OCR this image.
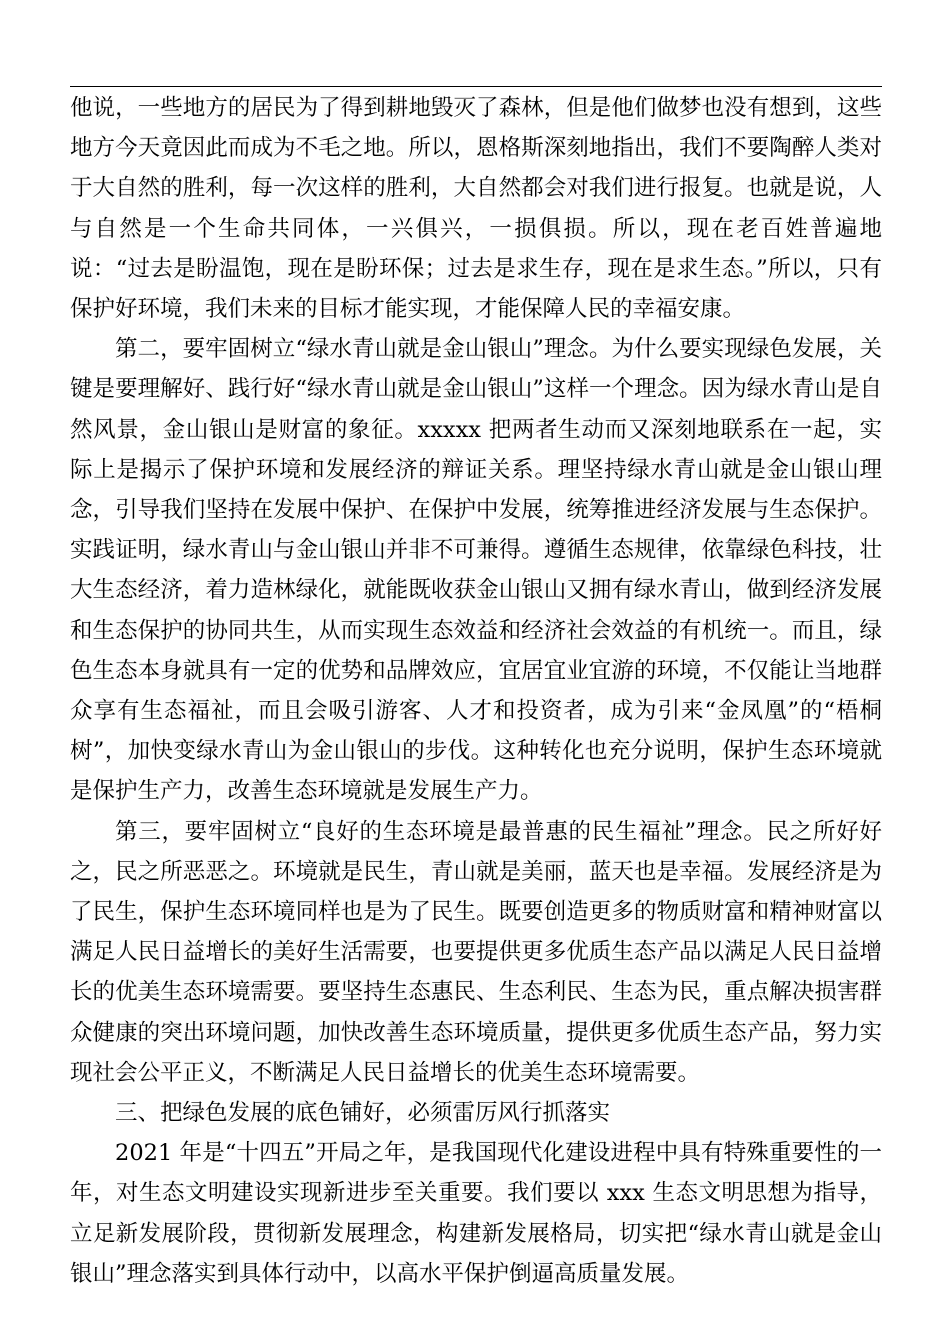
他说，一些地方的居民为了得到耕地毁灭了森林，但是他们做梦也没有想到，这些地方今天竟因此而成为不毛之地。所以，恩格斯深刻地指出，我们不要陶醉人类对于大自然的胜利，每一次这样的胜利，大自然都会对我们进行报复。也就是说，人与自然是一个生命共同体，一兴俱兴，一损俱损。所以，现在老百姓普遍地说：“过去是盼温饱，现在是盼环保；过去是求生存，现在是求生态。”所以，只有保护好环境，我们未来的目标才能实现，才能保障人民的幸福安康。

第二，要牢固树立“绿水青山就是金山银山”理念。为什么要实现绿色发展，关键是要理解好、践行好“绿水青山就是金山银山”这样一个理念。因为绿水青山是自然风景，金山银山是财富的象征。xxxxx 把两者生动而又深刻地联系在一起，实际上是揭示了保护环境和发展经济的辩证关系。理坚持绿水青山就是金山银山理念，引导我们坚持在发展中保护、在保护中发展，统筹推进经济发展与生态保护。实践证明，绿水青山与金山银山并非不可兼得。遵循生态规律，依靠绿色科技，壮大生态经济，着力造林绿化，就能既收获金山银山又拥有绿水青山，做到经济发展和生态保护的协同共生，从而实现生态效益和经济社会效益的有机统一。而且，绿色生态本身就具有一定的优势和品牌效应，宜居宜业宜游的环境，不仅能让当地群众享有生态福祉，而且会吸引游客、人才和投资者，成为引来“金凤凰”的“梧桐树”，加快变绿水青山为金山银山的步伐。这种转化也充分说明，保护生态环境就是保护生产力，改善生态环境就是发展生产力。

第三，要牢固树立“良好的生态环境是最普惠的民生福祉”理念。民之所好好之，民之所恶恶之。环境就是民生，青山就是美丽，蓝天也是幸福。发展经济是为了民生，保护生态环境同样也是为了民生。既要创造更多的物质财富和精神财富以满足人民日益增长的美好生活需要，也要提供更多优质生态产品以满足人民日益增长的优美生态环境需要。要坚持生态惠民、生态利民、生态为民，重点解决损害群众健康的突出环境问题，加快改善生态环境质量，提供更多优质生态产品，努力实现社会公平正义，不断满足人民日益增长的优美生态环境需要。

三、把绿色发展的底色铺好，必须雷厉风行抓落实

2021 年是“十四五”开局之年，是我国现代化建设进程中具有特殊重要性的一年，对生态文明建设实现新进步至关重要。我们要以 xxx 生态文明思想为指导，立足新发展阶段，贯彻新发展理念，构建新发展格局，切实把“绿水青山就是金山银山”理念落实到具体行动中，以高水平保护倒逼高质量发展。
